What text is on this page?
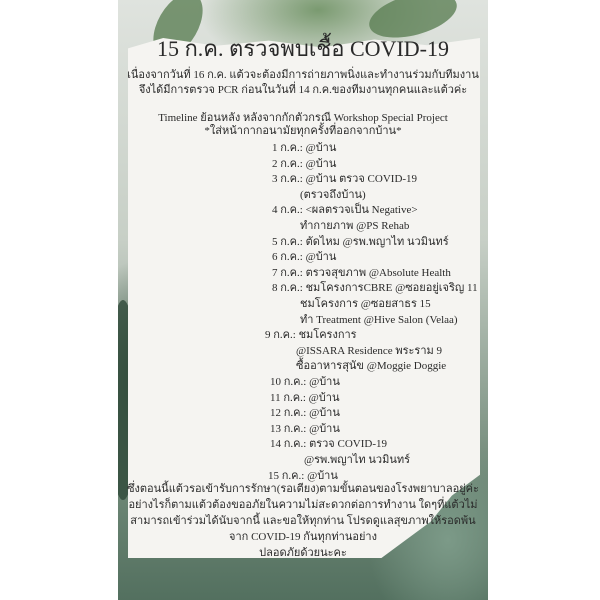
15 ก.ค. ตรวจพบเชื้อ COVID-19
เนื่องจากวันที่ 16 ก.ค. แต้วจะต้องมีการถ่ายภาพนิ่งและทำงานร่วมกับทีมงาน
จึงได้มีการตรวจ PCR ก่อนในวันที่ 14 ก.ค.ของทีมงานทุกคนและแต้วค่ะ
Timeline ย้อนหลัง หลังจากกักตัวกรณี Workshop Special Project
*ใส่หน้ากากอนามัยทุกครั้งที่ออกจากบ้าน*
1 ก.ค.: @บ้าน
2 ก.ค.: @บ้าน
3 ก.ค.: @บ้าน ตรวจ COVID-19
(ตรวจถึงบ้าน)
4 ก.ค.: <ผลตรวจเป็น Negative>
ทำกายภาพ @PS Rehab
5 ก.ค.: ตัดไหม @รพ.พญาไท นวมินทร์
6 ก.ค.: @บ้าน
7 ก.ค.: ตรวจสุขภาพ @Absolute Health
8 ก.ค.: ชมโครงการCBRE @ซอยอยู่เจริญ 11
ชมโครงการ @ซอยสาธร 15
ทำ Treatment @Hive Salon (Velaa)
9 ก.ค.: ชมโครงการ
@ISSARA Residence พระราม 9
ซื้ออาหารสุนัข @Moggie Doggie
10 ก.ค.: @บ้าน
11 ก.ค.: @บ้าน
12 ก.ค.: @บ้าน
13 ก.ค.: @บ้าน
14 ก.ค.: ตรวจ COVID-19
@รพ.พญาไท นวมินทร์
15 ก.ค.: @บ้าน
ซึ่งตอนนี้แต้วรอเข้ารับการรักษา(รอเตียง)ตามขั้นตอนของโรงพยาบาลอยู่ค่ะ
อย่างไรก็ตามแต้วต้องขออภัยในความไม่สะดวกต่อการทำงาน ใดๆที่แต้วไม่
สามารถเข้าร่วมได้นับจากนี้ และขอให้ทุกท่าน โปรดดูแลสุขภาพให้รอดพ้น
จาก COVID-19 กันทุกท่านอย่าง
ปลอดภัยด้วยนะคะ
